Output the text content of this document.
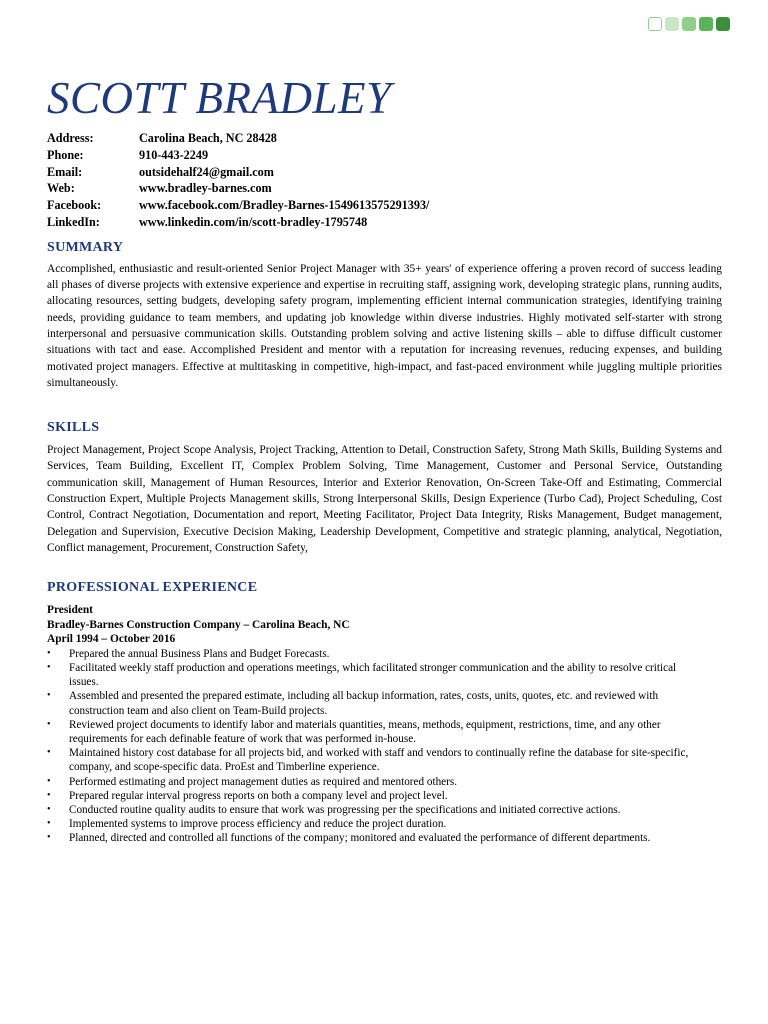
SCOTT BRADLEY
Address:	Carolina Beach, NC 28428
Phone:	910-443-2249
Email:	outsidehalf24@gmail.com
Web:	www.bradley-barnes.com
Facebook:	www.facebook.com/Bradley-Barnes-1549613575291393/
LinkedIn:	www.linkedin.com/in/scott-bradley-1795748
SUMMARY

Accomplished, enthusiastic and result-oriented Senior Project Manager with 35+ years' of experience offering a proven record of success leading all phases of diverse projects with extensive experience and expertise in recruiting staff, assigning work, developing strategic plans, running audits, allocating resources, setting budgets, developing safety program, implementing efficient internal communication strategies, identifying training needs, providing guidance to team members, and updating job knowledge within diverse industries. Highly motivated self-starter with strong interpersonal and persuasive communication skills. Outstanding problem solving and active listening skills – able to diffuse difficult customer situations with tact and ease. Accomplished President and mentor with a reputation for increasing revenues, reducing expenses, and building motivated project managers. Effective at multitasking in competitive, high-impact, and fast-paced environment while juggling multiple priorities simultaneously.

SKILLS

Project Management, Project Scope Analysis, Project Tracking, Attention to Detail, Construction Safety, Strong Math Skills, Building Systems and Services, Team Building, Excellent IT, Complex Problem Solving, Time Management, Customer and Personal Service, Outstanding communication skill, Management of Human Resources, Interior and Exterior Renovation, On-Screen Take-Off and Estimating, Commercial Construction Expert, Multiple Projects Management skills, Strong Interpersonal Skills, Design Experience (Turbo Cad), Project Scheduling, Cost Control, Contract Negotiation, Documentation and report, Meeting Facilitator, Project Data Integrity, Risks Management, Budget management, Delegation and Supervision, Executive Decision Making, Leadership Development, Competitive and strategic planning, analytical, Negotiation, Conflict management, Procurement, Construction Safety,

PROFESSIONAL EXPERIENCE
President
Bradley-Barnes Construction Company – Carolina Beach, NC
April 1994 – October 2016
• Prepared the annual Business Plans and Budget Forecasts.
• Facilitated weekly staff production and operations meetings, which facilitated stronger communication and the ability to resolve critical issues.
• Assembled and presented the prepared estimate, including all backup information, rates, costs, units, quotes, etc. and reviewed with construction team and also client on Team-Build projects.
• Reviewed project documents to identify labor and materials quantities, means, methods, equipment, restrictions, time, and any other requirements for each definable feature of work that was performed in-house.
• Maintained history cost database for all projects bid, and worked with staff and vendors to continually refine the database for site-specific, company, and scope-specific data. ProEst and Timberline experience.
• Performed estimating and project management duties as required and mentored others.
• Prepared regular interval progress reports on both a company level and project level.
• Conducted routine quality audits to ensure that work was progressing per the specifications and initiated corrective actions.
• Implemented systems to improve process efficiency and reduce the project duration.
• Planned, directed and controlled all functions of the company; monitored and evaluated the performance of different departments.
